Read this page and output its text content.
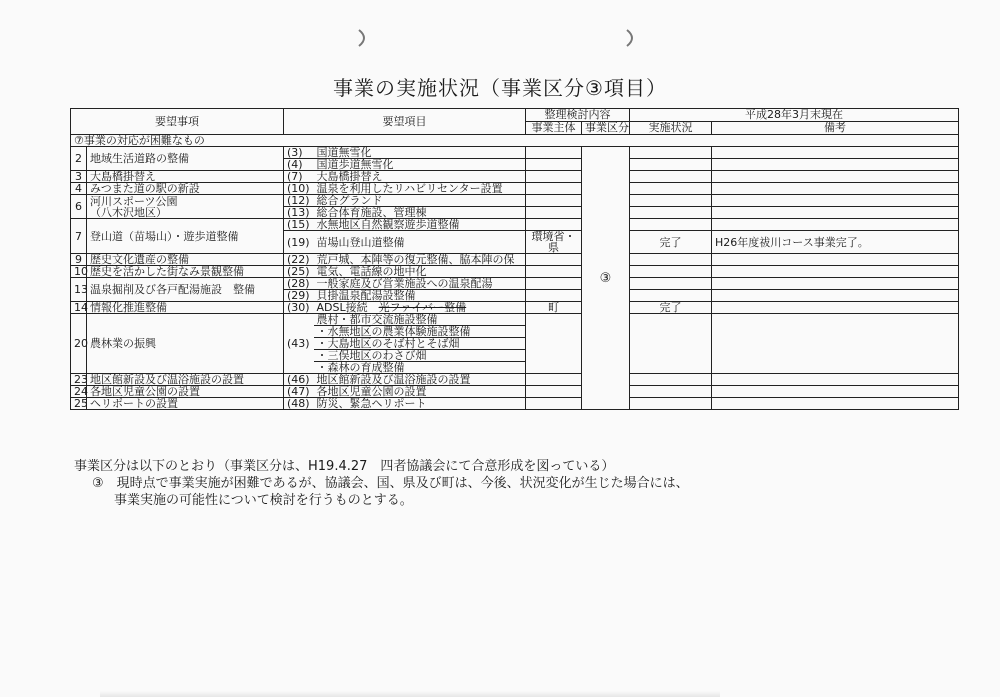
事業の実施状況（事業区分③項目）
要望事項		要望項目		整理検討内容		平成28年3月末現在	
				事業主体	事業区分	実施状況	備考
⑦事業の対応が困難なもの							
2	地域生活道路の整備	(3)	国道無雪化		③		
		(4)	国道歩道無雪化				
3	大島橋掛替え	(7)	大島橋掛替え				
4	みつまた道の駅の新設	(10)	温泉を利用したリハビリセンター設置				
6	河川スポーツ公園
（八木沢地区）	(12)	総合グランド				
		(13)	総合体育施設、管理棟				
7	登山道（苗場山）・遊歩道整備	(15)	水無地区自然観察遊歩道整備				
		(19)	苗場山登山道整備	環境省・県		完了	H26年度祓川コース事業完了。
9	歴史文化遺産の整備	(22)	荒戸城、本陣等の復元整備、脇本陣の保				
10	歴史を活かした街なみ景観整備	(25)	電気、電話線の地中化				
13	温泉掘削及び各戸配湯施設　整備	(28)	一般家庭及び営業施設への温泉配湯				
		(29)	貝掛温泉配湯設整備				
14	情報化推進整備	(30)	ADSL接続　 光ファイバー整備	町		完了	
20	農林業の振興	(43)	農村・都市交流施設整備				
			・水無地区の農業体験施設整備				
			・大島地区のそば村とそば畑				
			・三俣地区のわさび畑				
			・森林の育成整備				
23	地区館新設及び温浴施設の設置	(46)	地区館新設及び温浴施設の設置				
24	各地区児童公園の設置	(47)	各地区児童公園の設置				
25	ヘリポートの設置	(48)	防災、緊急ヘリポート				

事業区分は以下のとおり（事業区分は、H19.4.27　四者協議会にて合意形成を図っている）

③　現時点で事業実施が困難であるが、協議会、国、県及び町は、今後、状況変化が生じた場合には、

事業実施の可能性について検討を行うものとする。
